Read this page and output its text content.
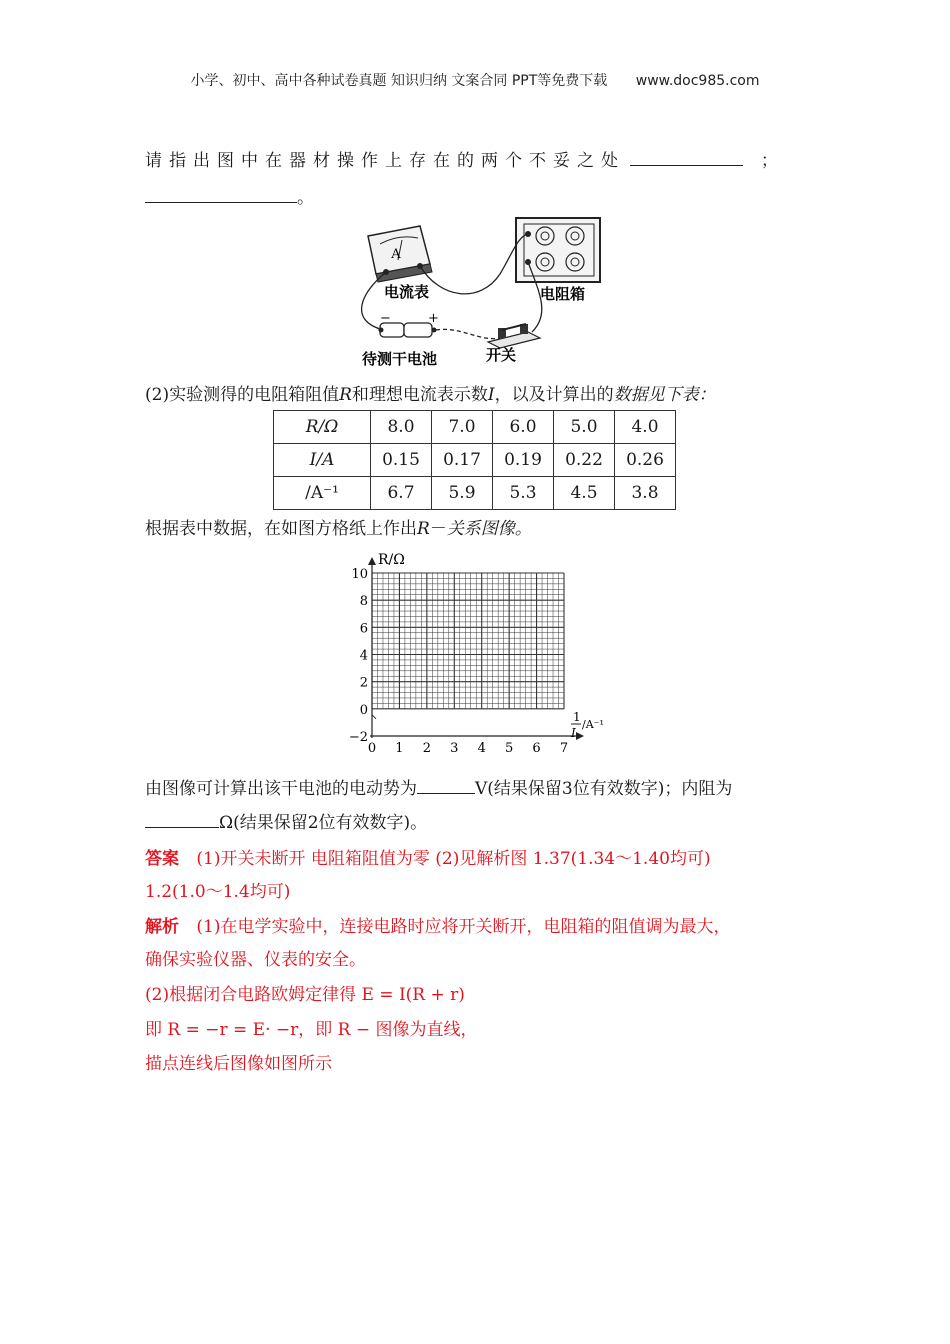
小学、初中、高中各种试卷真题 知识归纳 文案合同 PPT等免费下载 www.doc985.com
请指出图中在器材操作上存在的两个不妥之处	；
。
A
−	+
电流表	电阻箱
待测干电池	开关
(2)实验测得的电阻箱阻值R和理想电流表示数I，以及计算出的数据见下表：
R/Ω	8.0	7.0	6.0	5.0	4.0
I/A	0.15	0.17	0.19	0.22	0.26
/A⁻¹	6.7	5.9	5.3	4.5	3.8
根据表中数据，在如图方格纸上作出R－关系图像。
0 1 2 3 4 5 6 7
−2
0
2
4
6
8
10
R/Ω
1
I
/A⁻¹
由图像可计算出该干电池的电动势为	V(结果保留3位有效数字)；内阻为
Ω(结果保留2位有效数字)。
答案 (1)开关未断开 电阻箱阻值为零 (2)见解析图 1.37(1.34～1.40均可)
1.2(1.0～1.4均可)
解析 (1)在电学实验中，连接电路时应将开关断开，电阻箱的阻值调为最大，
确保实验仪器、仪表的安全。
(2)根据闭合电路欧姆定律得 E = I(R + r)
即 R = −r = E· −r，即 R − 图像为直线，
描点连线后图像如图所示
